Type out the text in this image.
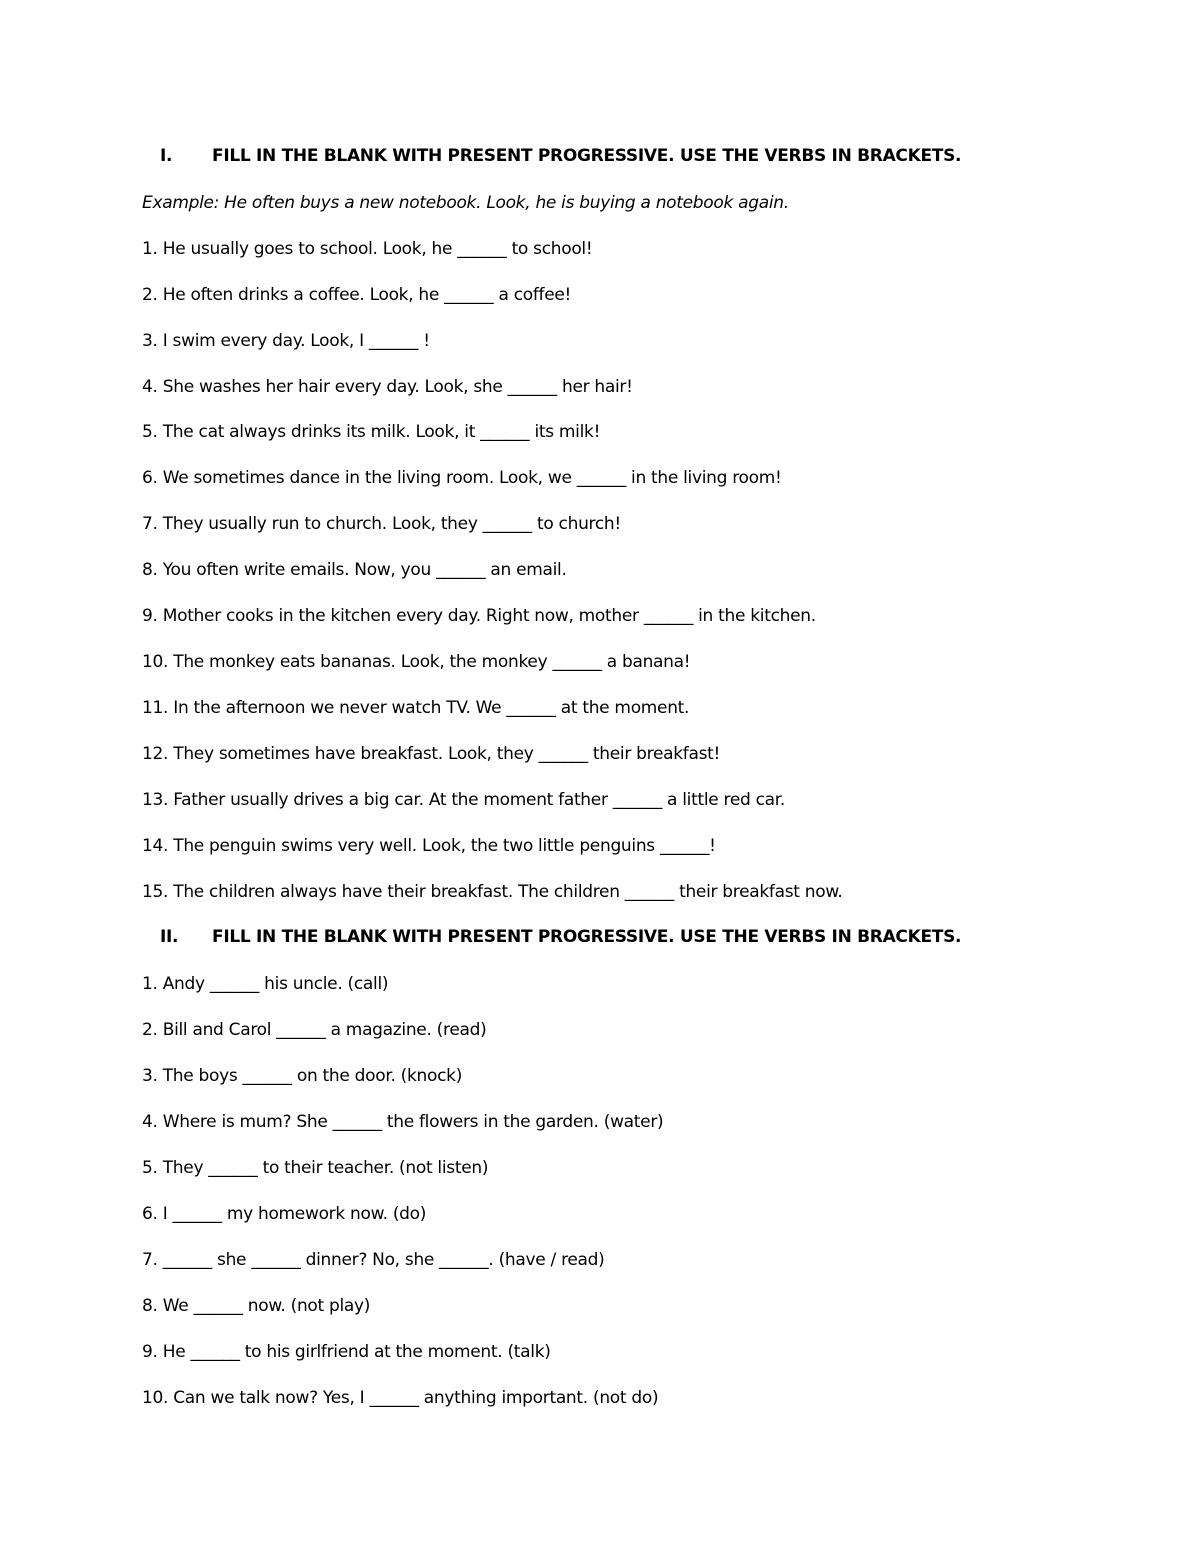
I. FILL IN THE BLANK WITH PRESENT PROGRESSIVE. USE THE VERBS IN BRACKETS.
Example: He often buys a new notebook. Look, he is buying a notebook again.
1. He usually goes to school. Look, he ______ to school!
2. He often drinks a coffee. Look, he ______ a coffee!
3. I swim every day. Look, I ______ !
4. She washes her hair every day. Look, she ______ her hair!
5. The cat always drinks its milk. Look, it ______ its milk!
6. We sometimes dance in the living room. Look, we ______ in the living room!
7. They usually run to church. Look, they ______ to church!
8. You often write emails. Now, you ______ an email.
9. Mother cooks in the kitchen every day. Right now, mother ______ in the kitchen.
10. The monkey eats bananas. Look, the monkey ______ a banana!
11. In the afternoon we never watch TV. We ______ at the moment.
12. They sometimes have breakfast. Look, they ______ their breakfast!
13. Father usually drives a big car. At the moment father ______ a little red car.
14. The penguin swims very well. Look, the two little penguins ______!
15. The children always have their breakfast. The children ______ their breakfast now.
II. FILL IN THE BLANK WITH PRESENT PROGRESSIVE. USE THE VERBS IN BRACKETS.
1. Andy ______ his uncle. (call)
2. Bill and Carol ______ a magazine. (read)
3. The boys ______ on the door. (knock)
4. Where is mum? She ______ the flowers in the garden. (water)
5. They ______ to their teacher. (not listen)
6. I ______ my homework now. (do)
7. ______ she ______ dinner? No, she ______. (have / read)
8. We ______ now. (not play)
9. He ______ to his girlfriend at the moment. (talk)
10. Can we talk now? Yes, I ______ anything important. (not do)
